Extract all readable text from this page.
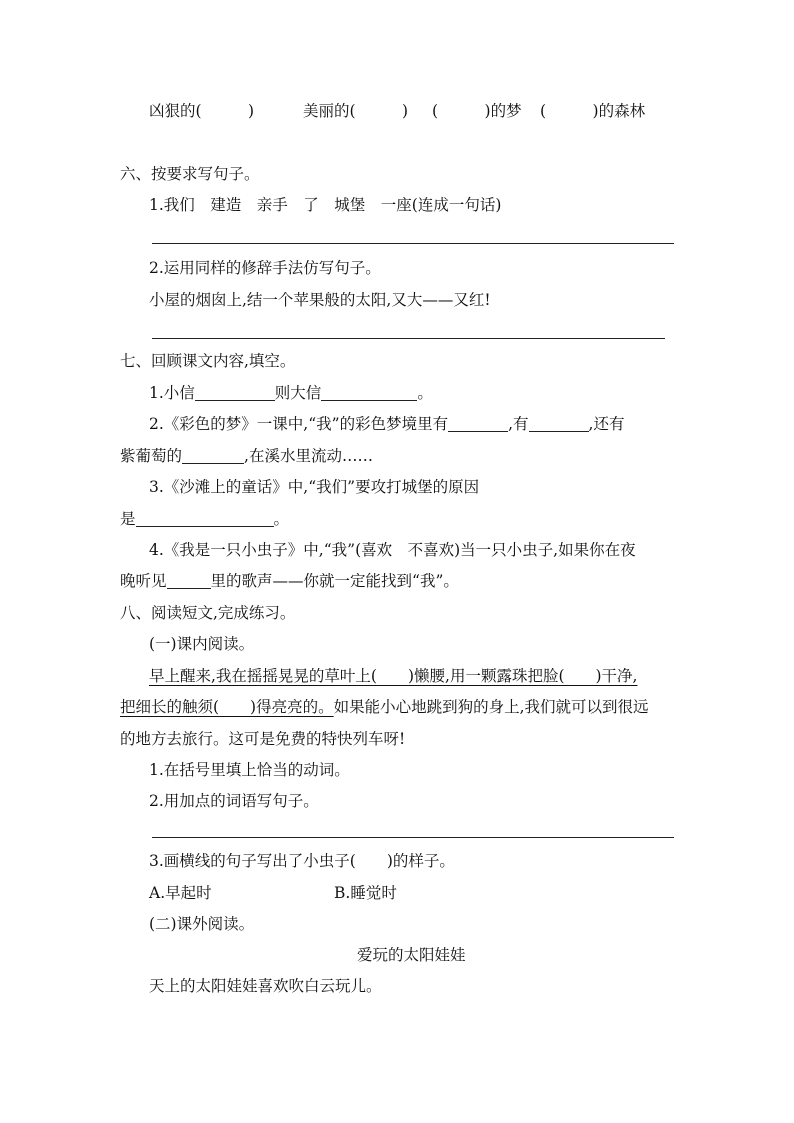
凶狠的(　　　)	美丽的(　　　) (　　　)的梦 (　　　)的森林
六、按要求写句子。
1.我们　建造　亲手　了　城堡　一座(连成一句话)
2.运用同样的修辞手法仿写句子。
小屋的烟囱上,结一个苹果般的太阳,又大——又红!
七、回顾课文内容,填空。
1.小信	则大信	。
2.《彩色的梦》一课中,“我”的彩色梦境里有	,有	,还有
紫葡萄的	,在溪水里流动……
3.《沙滩上的童话》中,“我们”要攻打城堡的原因
是	。
4.《我是一只小虫子》中,“我”(喜欢　不喜欢)当一只小虫子,如果你在夜
晚听见	里的歌声——你就一定能找到“我”。
八、阅读短文,完成练习。
(一)课内阅读。
早上醒来,我在摇摇晃晃的草叶上(　　)懒腰,用一颗露珠把脸(　　)干净,
把细长的触须(　　)得亮亮的。如果能小心地跳到狗的身上,我们就可以到很远
的地方去旅行。这可是免费的特快列车呀!
1.在括号里填上恰当的动词。
2.用加点的词语写句子。
3.画横线的句子写出了小虫子(　　)的样子。
A.早起时	B.睡觉时
(二)课外阅读。
爱玩的太阳娃娃
天上的太阳娃娃喜欢吹白云玩儿。
